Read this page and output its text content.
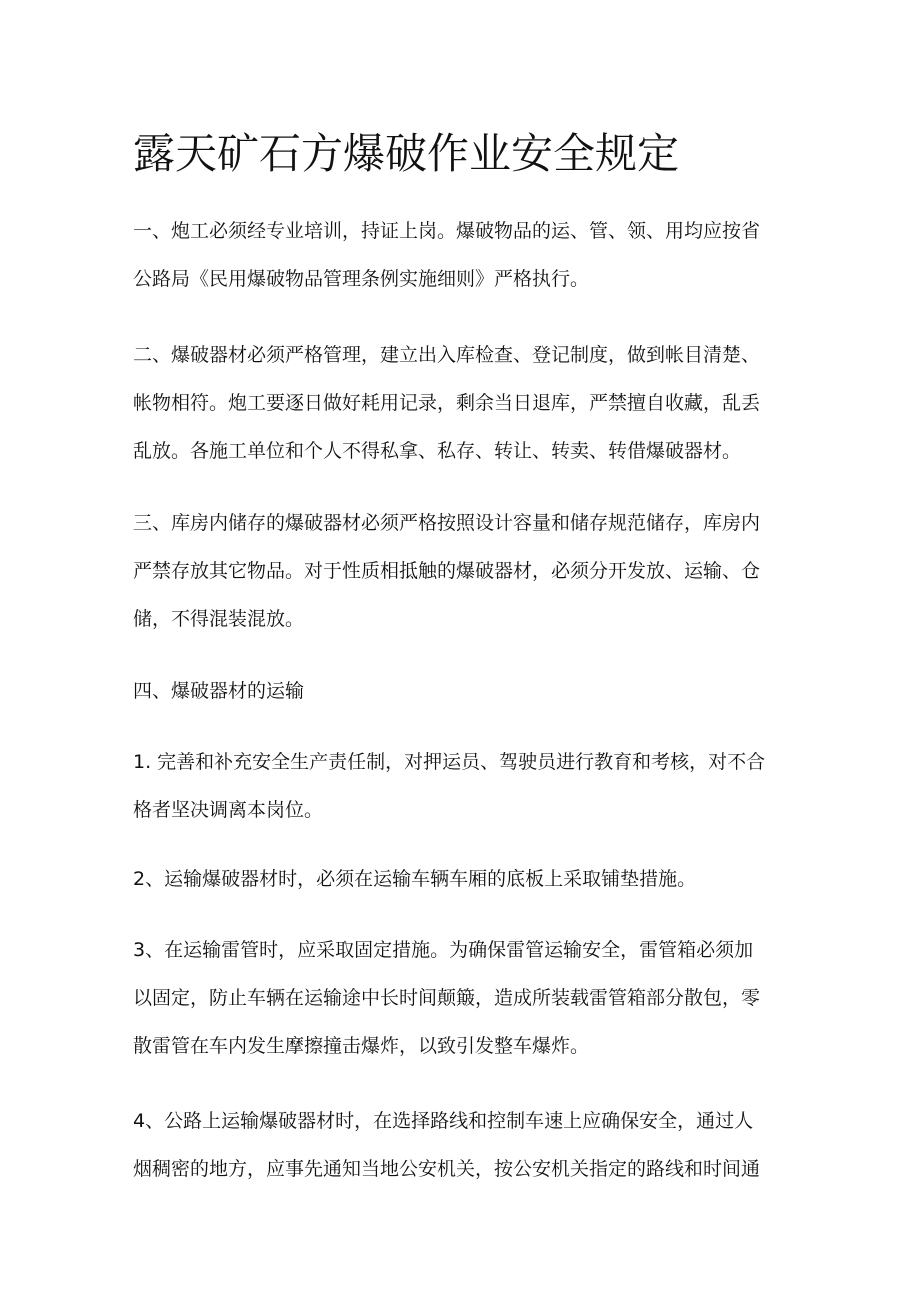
露天矿石方爆破作业安全规定

一、炮工必须经专业培训，持证上岗。爆破物品的运、管、领、用均应按省
公路局《民用爆破物品管理条例实施细则》严格执行。

二、爆破器材必须严格管理，建立出入库检查、登记制度，做到帐目清楚、
帐物相符。炮工要逐日做好耗用记录，剩余当日退库，严禁擅自收藏，乱丢
乱放。各施工单位和个人不得私拿、私存、转让、转卖、转借爆破器材。

三、库房内储存的爆破器材必须严格按照设计容量和储存规范储存，库房内
严禁存放其它物品。对于性质相抵触的爆破器材，必须分开发放、运输、仓
储，不得混装混放。

四、爆破器材的运输

1. 完善和补充安全生产责任制，对押运员、驾驶员进行教育和考核，对不合
格者坚决调离本岗位。

2、运输爆破器材时，必须在运输车辆车厢的底板上采取铺垫措施。

3、在运输雷管时，应采取固定措施。为确保雷管运输安全，雷管箱必须加
以固定，防止车辆在运输途中长时间颠簸，造成所装载雷管箱部分散包，零
散雷管在车内发生摩擦撞击爆炸，以致引发整车爆炸。

4、公路上运输爆破器材时，在选择路线和控制车速上应确保安全，通过人
烟稠密的地方，应事先通知当地公安机关，按公安机关指定的路线和时间通
